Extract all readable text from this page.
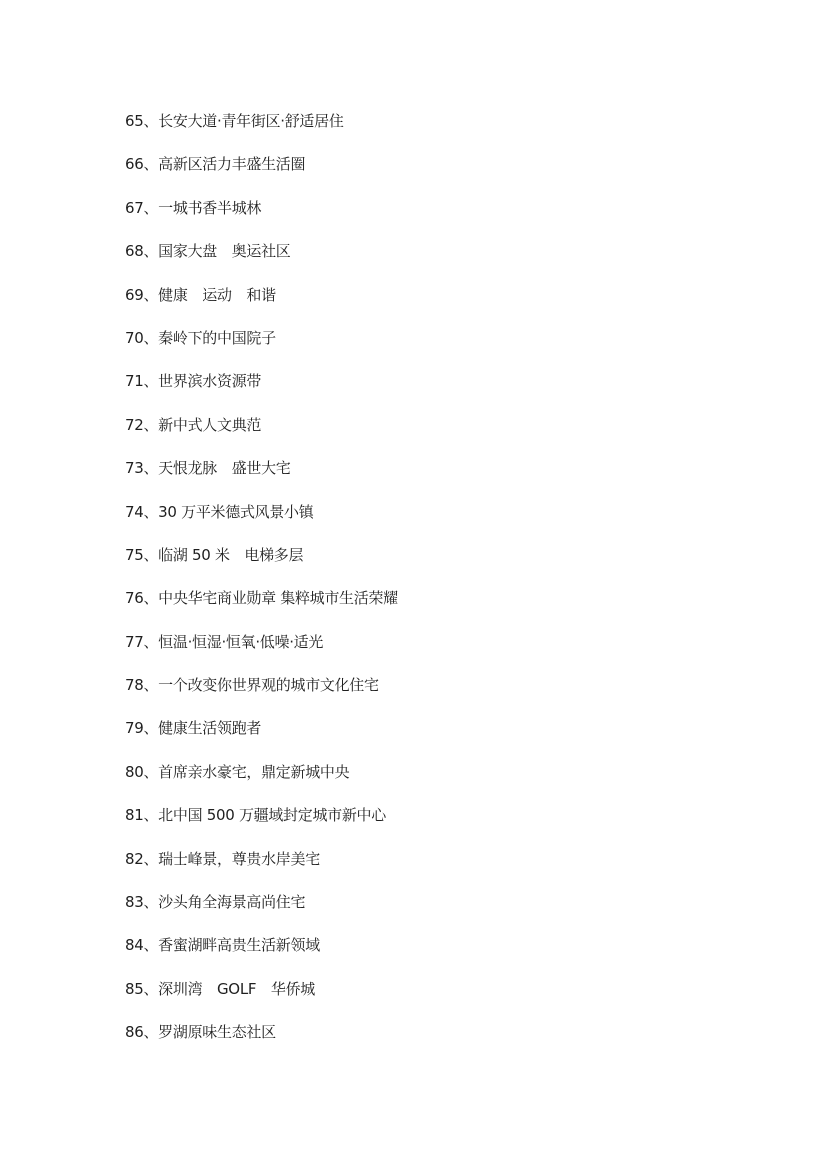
65、长安大道·青年街区·舒适居住
66、高新区活力丰盛生活圈
67、一城书香半城林
68、国家大盘　奥运社区
69、健康　运动　和谐
70、秦岭下的中国院子
71、世界滨水资源带
72、新中式人文典范
73、天恨龙脉　盛世大宅
74、30 万平米德式风景小镇
75、临湖 50 米　电梯多层
76、中央华宅商业勋章 集粹城市生活荣耀
77、恒温·恒湿·恒氧·低噪·适光
78、一个改变你世界观的城市文化住宅
79、健康生活领跑者
80、首席亲水豪宅，鼎定新城中央
81、北中国 500 万疆域封定城市新中心
82、瑞士峰景，尊贵水岸美宅
83、沙头角全海景高尚住宅
84、香蜜湖畔高贵生活新领域
85、深圳湾　GOLF　华侨城
86、罗湖原味生态社区
